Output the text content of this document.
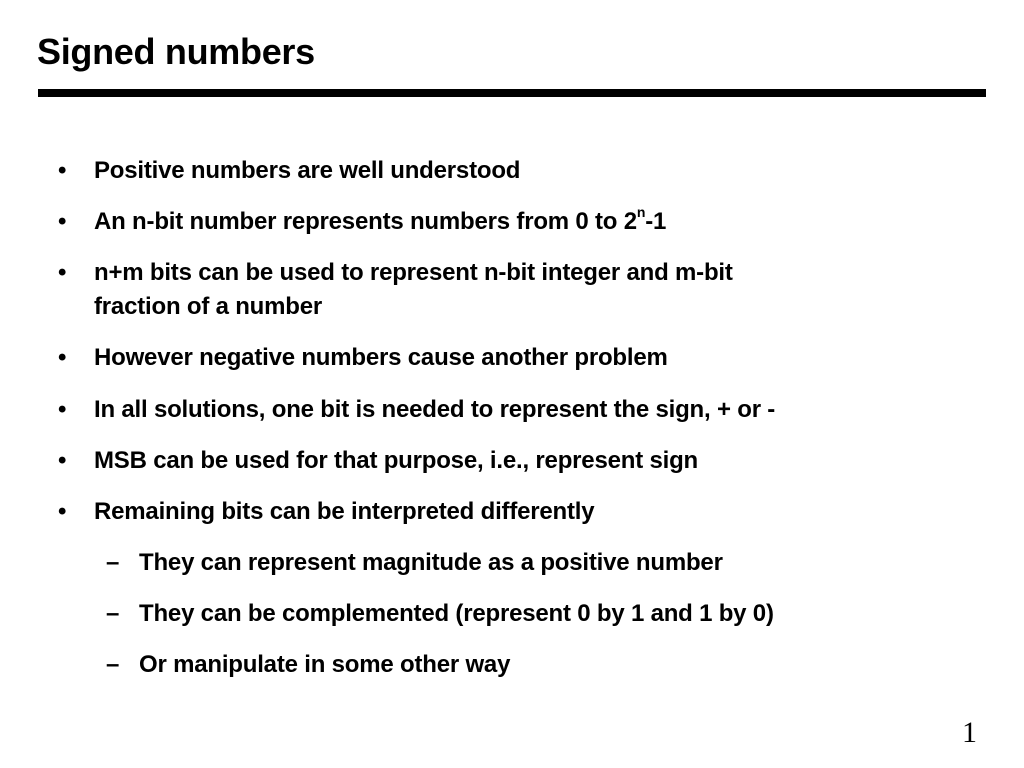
Signed numbers
• Positive numbers are well understood
• An n-bit number represents numbers from 0 to 2$^n$-1
• n+m bits can be used to represent n-bit integer and m-bit
fraction of a number
• However negative numbers cause another problem
• In all solutions, one bit is needed to represent the sign, + or -
• MSB can be used for that purpose, i.e., represent sign
• Remaining bits can be interpreted differently
– They can represent magnitude as a positive number
– They can be complemented (represent 0 by 1 and 1 by 0)
– Or manipulate in some other way
1
